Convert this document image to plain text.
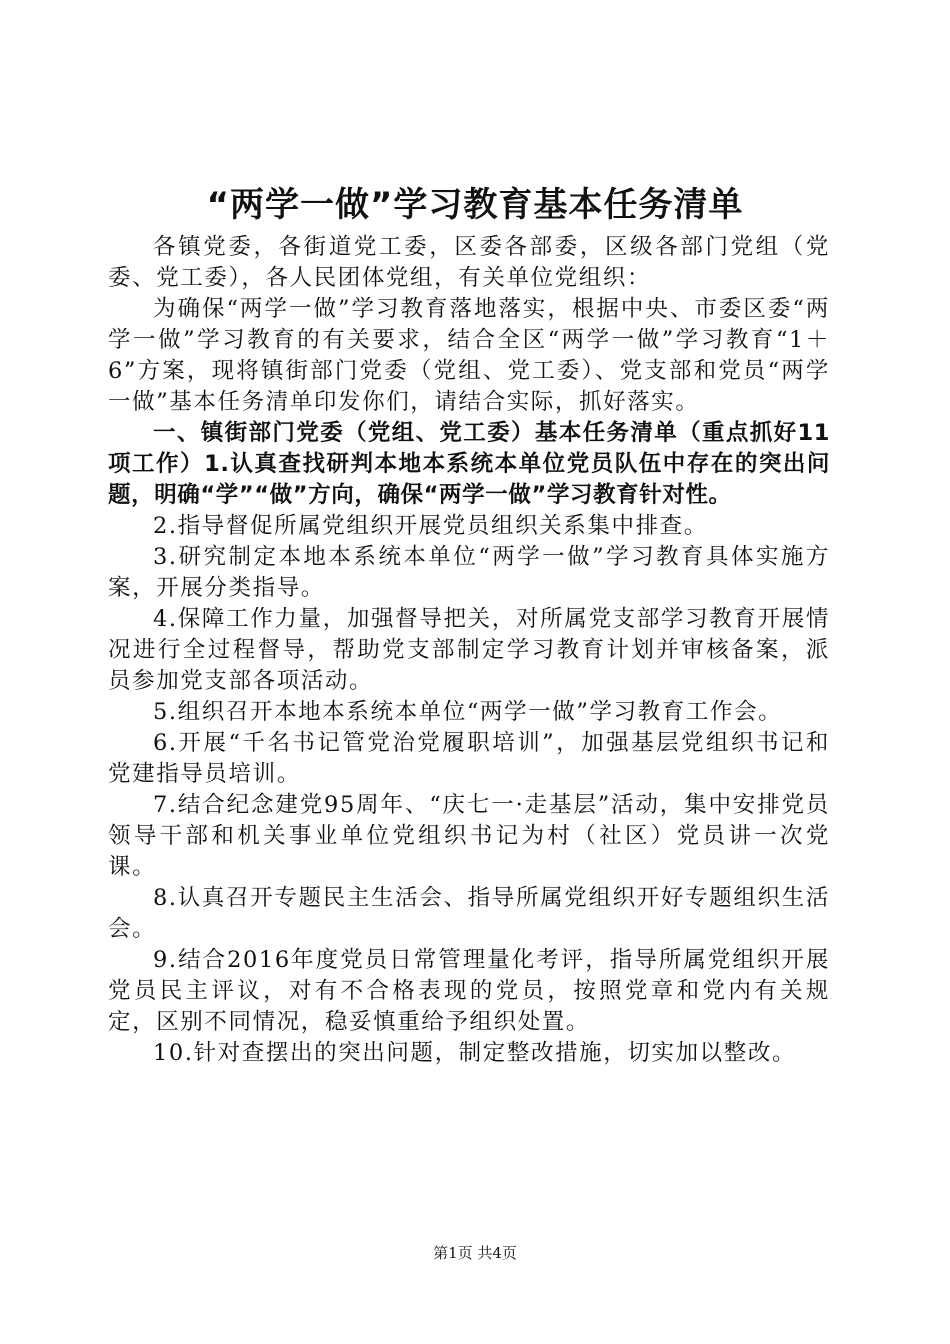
“两学一做”学习教育基本任务清单

各镇党委，各街道党工委，区委各部委，区级各部门党组（党委、党工委），各人民团体党组，有关单位党组织：

为确保“两学一做”学习教育落地落实，根据中央、市委区委“两学一做”学习教育的有关要求，结合全区“两学一做”学习教育“1＋6”方案，现将镇街部门党委（党组、党工委）、党支部和党员“两学一做”基本任务清单印发你们，请结合实际，抓好落实。

一、镇街部门党委（党组、党工委）基本任务清单（重点抓好11项工作）1.认真查找研判本地本系统本单位党员队伍中存在的突出问题，明确“学”“做”方向，确保“两学一做”学习教育针对性。

2.指导督促所属党组织开展党员组织关系集中排查。

3.研究制定本地本系统本单位“两学一做”学习教育具体实施方案，开展分类指导。

4.保障工作力量，加强督导把关，对所属党支部学习教育开展情况进行全过程督导，帮助党支部制定学习教育计划并审核备案，派员参加党支部各项活动。

5.组织召开本地本系统本单位“两学一做”学习教育工作会。

6.开展“千名书记管党治党履职培训”，加强基层党组织书记和党建指导员培训。

7.结合纪念建党95周年、“庆七一·走基层”活动，集中安排党员领导干部和机关事业单位党组织书记为村（社区）党员讲一次党课。

8.认真召开专题民主生活会、指导所属党组织开好专题组织生活会。

9.结合2016年度党员日常管理量化考评，指导所属党组织开展党员民主评议，对有不合格表现的党员，按照党章和党内有关规定，区别不同情况，稳妥慎重给予组织处置。

10.针对查摆出的突出问题，制定整改措施，切实加以整改。

第1页 共4页
